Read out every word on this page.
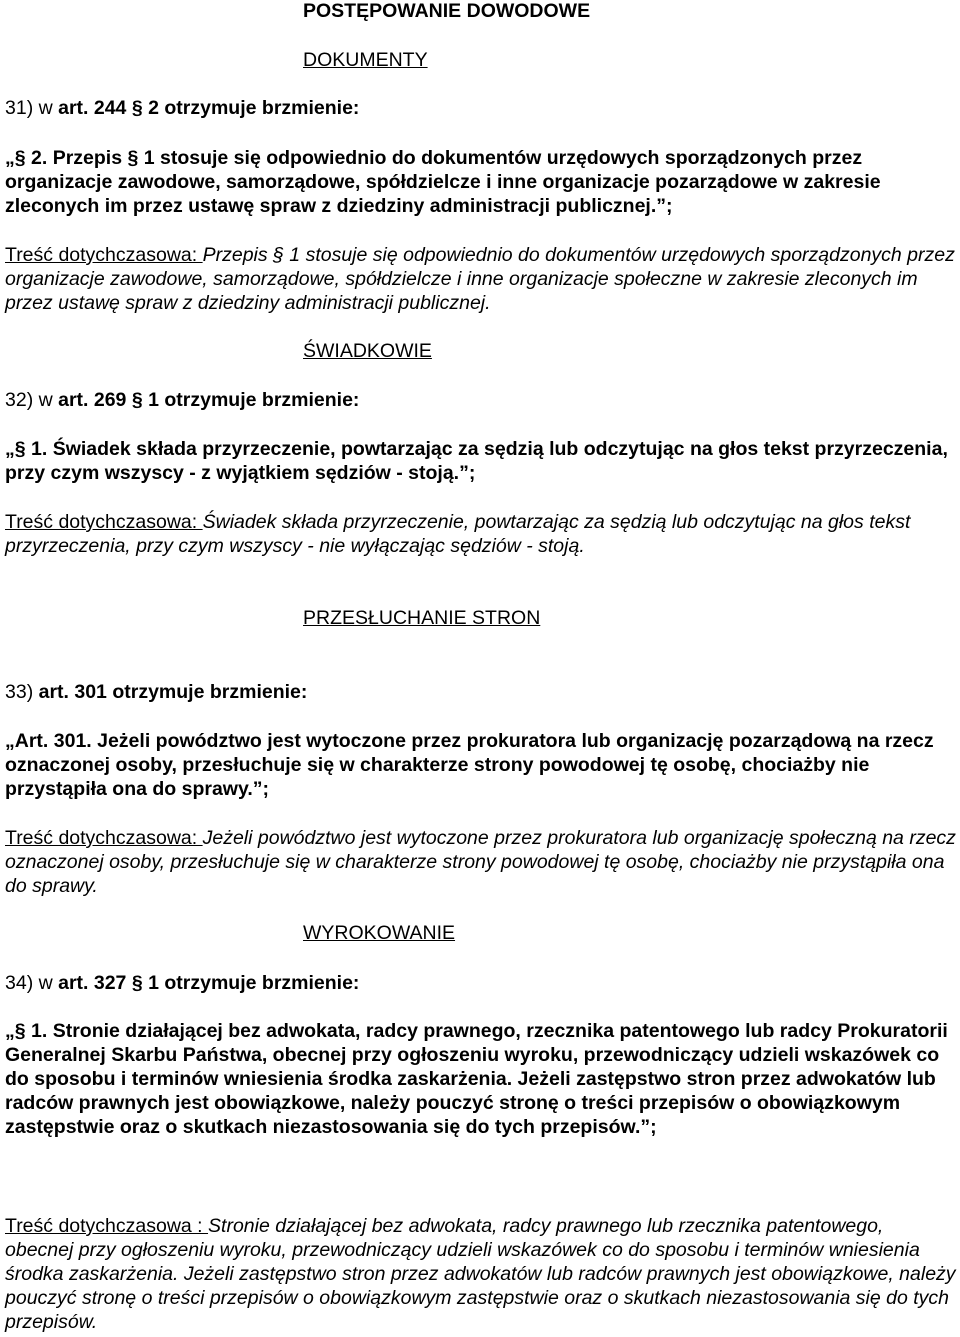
POSTĘPOWANIE DOWODOWE
DOKUMENTY

31) w art. 244 § 2 otrzymuje brzmienie:

„§ 2. Przepis § 1 stosuje się odpowiednio do dokumentów urzędowych sporządzonych przez organizacje zawodowe, samorządowe, spółdzielcze i inne organizacje pozarządowe w zakresie zleconych im przez ustawę spraw z dziedziny administracji publicznej.”;

Treść dotychczasowa: Przepis § 1 stosuje się odpowiednio do dokumentów urzędowych sporządzonych przez organizacje zawodowe, samorządowe, spółdzielcze i inne organizacje społeczne w zakresie zleconych im przez ustawę spraw z dziedziny administracji publicznej.

ŚWIADKOWIE

32) w art. 269 § 1 otrzymuje brzmienie:

„§ 1. Świadek składa przyrzeczenie, powtarzając za sędzią lub odczytując na głos tekst przyrzeczenia, przy czym wszyscy - z wyjątkiem sędziów - stoją.”;

Treść dotychczasowa: Świadek składa przyrzeczenie, powtarzając za sędzią lub odczytując na głos tekst przyrzeczenia, przy czym wszyscy - nie wyłączając sędziów - stoją.

PRZESŁUCHANIE STRON

33) art. 301 otrzymuje brzmienie:

„Art. 301. Jeżeli powództwo jest wytoczone przez prokuratora lub organizację pozarządową na rzecz oznaczonej osoby, przesłuchuje się w charakterze strony powodowej tę osobę, chociażby nie przystąpiła ona do sprawy.”;

Treść dotychczasowa: Jeżeli powództwo jest wytoczone przez prokuratora lub organizację społeczną na rzecz oznaczonej osoby, przesłuchuje się w charakterze strony powodowej tę osobę, chociażby nie przystąpiła ona do sprawy.

WYROKOWANIE

34) w art. 327 § 1 otrzymuje brzmienie:

„§ 1. Stronie działającej bez adwokata, radcy prawnego, rzecznika patentowego lub radcy Prokuratorii Generalnej Skarbu Państwa, obecnej przy ogłoszeniu wyroku, przewodniczący udzieli wskazówek co do sposobu i terminów wniesienia środka zaskarżenia. Jeżeli zastępstwo stron przez adwokatów lub radców prawnych jest obowiązkowe, należy pouczyć stronę o treści przepisów o obowiązkowym zastępstwie oraz o skutkach niezastosowania się do tych przepisów.”;

Treść dotychczasowa : Stronie działającej bez adwokata, radcy prawnego lub rzecznika patentowego, obecnej przy ogłoszeniu wyroku, przewodniczący udzieli wskazówek co do sposobu i terminów wniesienia środka zaskarżenia. Jeżeli zastępstwo stron przez adwokatów lub radców prawnych jest obowiązkowe, należy pouczyć stronę o treści przepisów o obowiązkowym zastępstwie oraz o skutkach niezastosowania się do tych przepisów.
